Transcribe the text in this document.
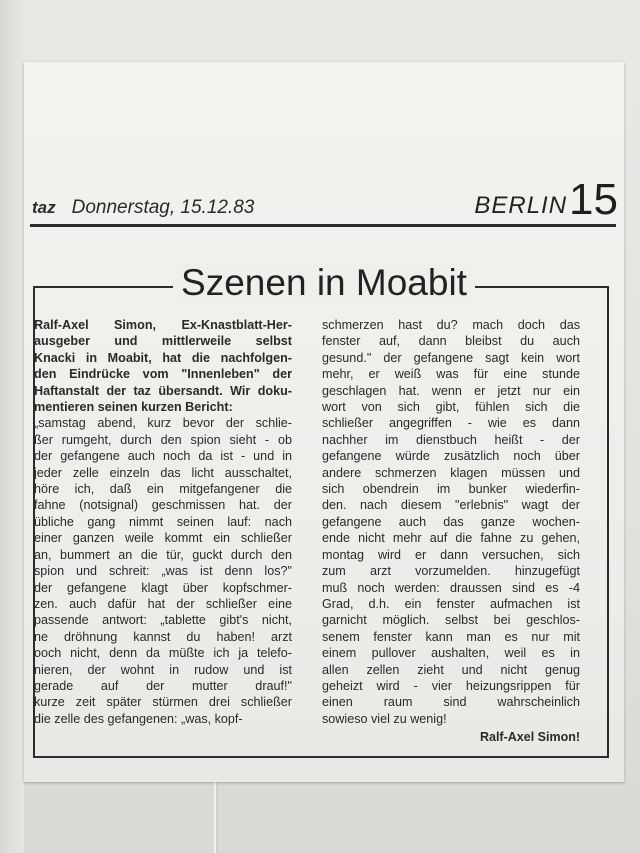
taz Donnerstag, 15.12.83	BERLIN 15
Szenen in Moabit
Ralf-Axel Simon, Ex-Knastblatt-Her-
ausgeber und mittlerweile selbst
Knacki in Moabit, hat die nachfolgen-
den Eindrücke vom "Innenleben" der
Haftanstalt der taz übersandt. Wir doku-
mentieren seinen kurzen Bericht:
„samstag abend, kurz bevor der schlie-
ßer rumgeht, durch den spion sieht - ob
der gefangene auch noch da ist - und in
jeder zelle einzeln das licht ausschaltet,
höre ich, daß ein mitgefangener die
fahne (notsignal) geschmissen hat. der
übliche gang nimmt seinen lauf: nach
einer ganzen weile kommt ein schließer
an, bummert an die tür, guckt durch den
spion und schreit: „was ist denn los?"
der gefangene klagt über kopfschmer-
zen. auch dafür hat der schließer eine
passende antwort: „tablette gibt's nicht,
ne dröhnung kannst du haben! arzt
ooch nicht, denn da müßte ich ja telefo-
nieren, der wohnt in rudow und ist
gerade auf der mutter drauf!"
kurze zeit später stürmen drei schließer
die zelle des gefangenen: „was, kopf-
schmerzen hast du? mach doch das
fenster auf, dann bleibst du auch
gesund." der gefangene sagt kein wort
mehr, er weiß was für eine stunde
geschlagen hat. wenn er jetzt nur ein
wort von sich gibt, fühlen sich die
schließer angegriffen - wie es dann
nachher im dienstbuch heißt - der
gefangene würde zusätzlich noch über
andere schmerzen klagen müssen und
sich obendrein im bunker wiederfin-
den. nach diesem "erlebnis" wagt der
gefangene auch das ganze wochen-
ende nicht mehr auf die fahne zu gehen,
montag wird er dann versuchen, sich
zum arzt vorzumelden. hinzugefügt
muß noch werden: draussen sind es -4
Grad, d.h. ein fenster aufmachen ist
garnicht möglich. selbst bei geschlos-
senem fenster kann man es nur mit
einem pullover aushalten, weil es in
allen zellen zieht und nicht genug
geheizt wird - vier heizungsrippen für
einen raum sind wahrscheinlich
sowieso viel zu wenig!
Ralf-Axel Simon!
